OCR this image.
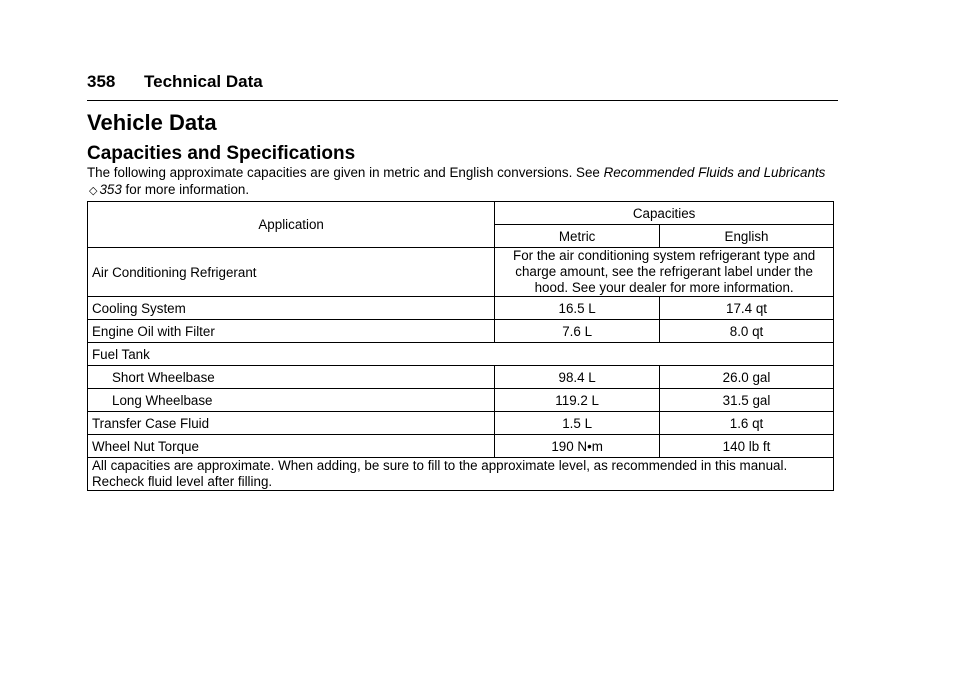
358 Technical Data
Vehicle Data
Capacities and Specifications

The following approximate capacities are given in metric and English conversions. See Recommended Fluids and Lubricants ◇ 353 for more information.

Application	Capacities	
	Metric	English
Air Conditioning Refrigerant	For the air conditioning system refrigerant type and charge amount, see the refrigerant label under the hood. See your dealer for more information.	
Cooling System	16.5 L	17.4 qt
Engine Oil with Filter	7.6 L	8.0 qt
Fuel Tank		
Short Wheelbase	98.4 L	26.0 gal
Long Wheelbase	119.2 L	31.5 gal
Transfer Case Fluid	1.5 L	1.6 qt
Wheel Nut Torque	190 N•m	140 lb ft
All capacities are approximate. When adding, be sure to fill to the approximate level, as recommended in this manual. Recheck fluid level after filling.		
